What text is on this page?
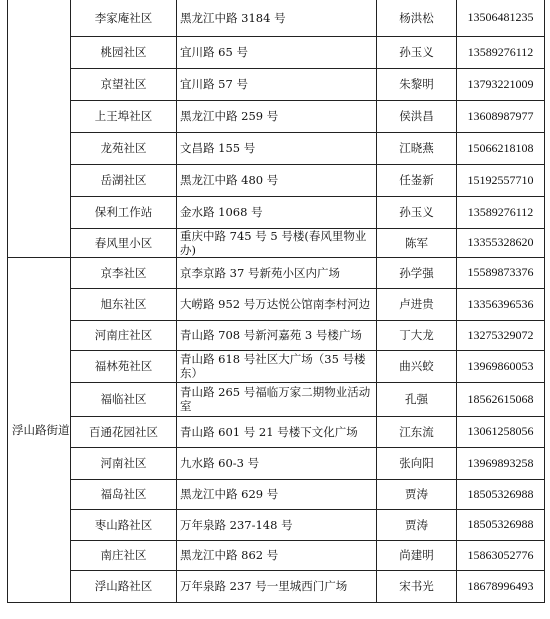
	李家庵社区	黑龙江中路 3184 号	杨洪松	13506481235
	桃园社区	宜川路 65 号	孙玉义	13589276112
	京望社区	宜川路 57 号	朱黎明	13793221009
	上王埠社区	黑龙江中路 259 号	侯洪昌	13608987977
	龙苑社区	文昌路 155 号	江晓燕	15066218108
	岳湖社区	黑龙江中路 480 号	任崟新	15192557710
	保利工作站	金水路 1068 号	孙玉义	13589276112
	春风里小区	重庆中路 745 号 5 号楼(春风里物业办)	陈军	13355328620
浮山路街道	京李社区	京李京路 37 号新苑小区内广场	孙学强	15589873376
	旭东社区	大崂路 952 号万达悦公馆南李村河边	卢进贵	13356396536
	河南庄社区	青山路 708 号新河嘉苑 3 号楼广场	丁大龙	13275329072
	福林苑社区	青山路 618 号社区大广场（35 号楼东）	曲兴蛟	13969860053
	福临社区	青山路 265 号福临万家二期物业活动室	孔强	18562615068
	百通花园社区	青山路 601 号 21 号楼下文化广场	江东流	13061258056
	河南社区	九水路 60-3 号	张向阳	13969893258
	福岛社区	黑龙江中路 629 号	贾涛	18505326988
	枣山路社区	万年泉路 237-148 号	贾涛	18505326988
	南庄社区	黑龙江中路 862 号	尚建明	15863052776
	浮山路社区	万年泉路 237 号一里城西门广场	宋书光	18678996493
